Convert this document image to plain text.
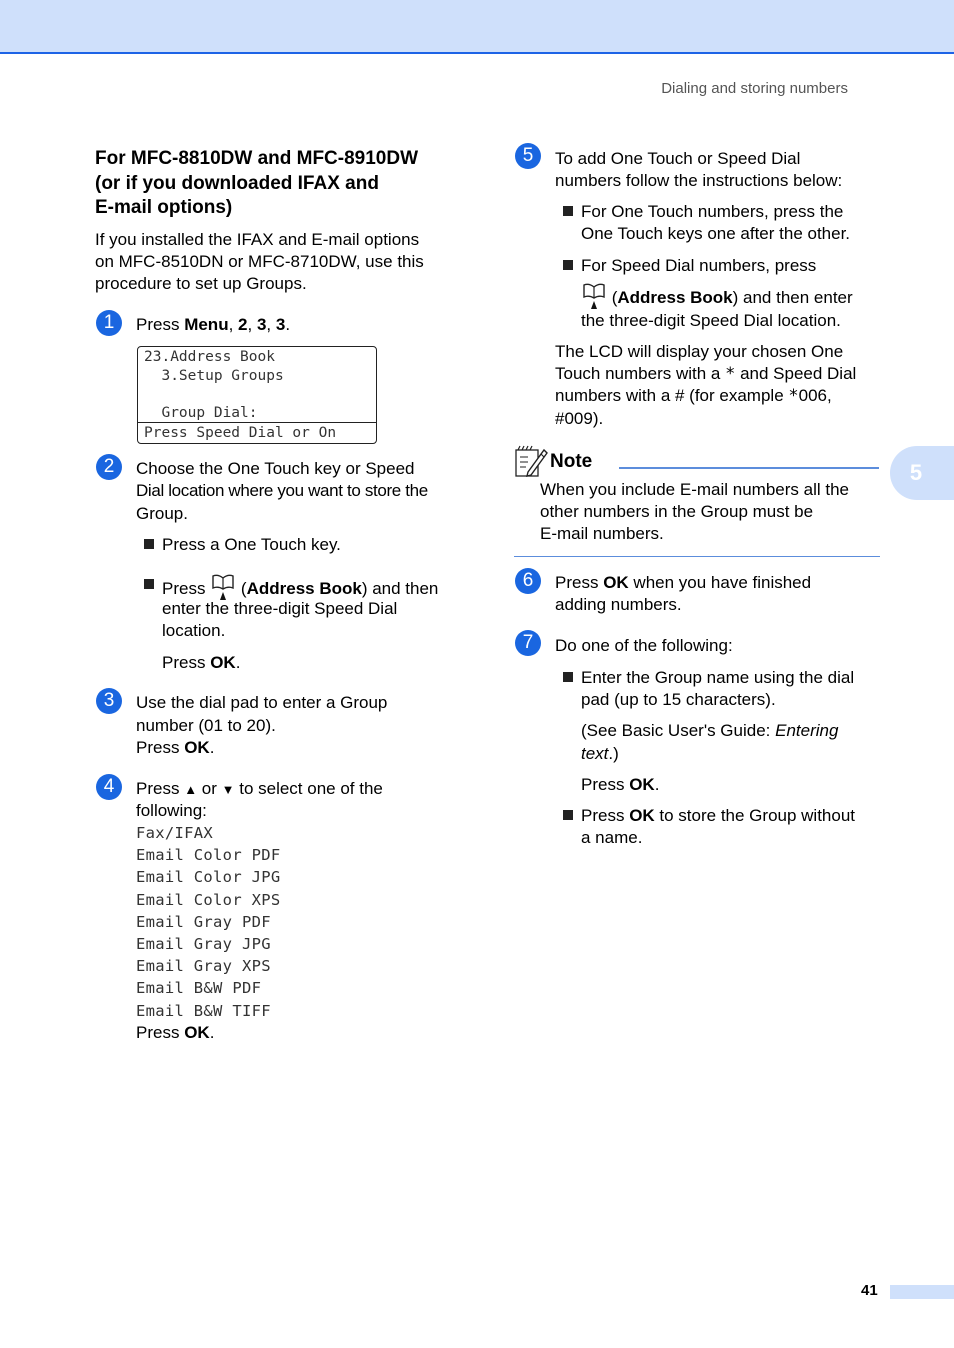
Dialing and storing numbers
5
41

For MFC-8810DW and MFC-8910DW

(or if you downloaded IFAX and

E-mail options)

If you installed the IFAX and E-mail options

on MFC-8510DN or MFC-8710DW, use this

procedure to set up Groups.

1	Press Menu, 2, 3, 3.

23.Address Book
3.Setup Groups
Group Dial:
Press Speed Dial or On
2	Choose the One Touch key or Speed

Dial location where you want to store the

Group.

Press a One Touch key.

Press  (Address Book) and then

enter the three-digit Speed Dial

location.

Press OK.

3	Use the dial pad to enter a Group

number (01 to 20).

Press OK.

4	Press ▲ or ▼ to select one of the

following:

Fax/IFAX

Email Color PDF

Email Color JPG

Email Color XPS

Email Gray PDF

Email Gray JPG

Email Gray XPS

Email B&W PDF

Email B&W TIFF

Press OK.

5	To add One Touch or Speed Dial

numbers follow the instructions below:

For One Touch numbers, press the

One Touch keys one after the other.

For Speed Dial numbers, press

(Address Book) and then enter

the three-digit Speed Dial location.

The LCD will display your chosen One

Touch numbers with a * and Speed Dial

numbers with a # (for example *006,

#009).

Note

When you include E-mail numbers all the

other numbers in the Group must be

E-mail numbers.

6	Press OK when you have finished

adding numbers.

7	Do one of the following:

Enter the Group name using the dial

pad (up to 15 characters).

(See Basic User's Guide: Entering

text.)

Press OK.

Press OK to store the Group without

a name.
